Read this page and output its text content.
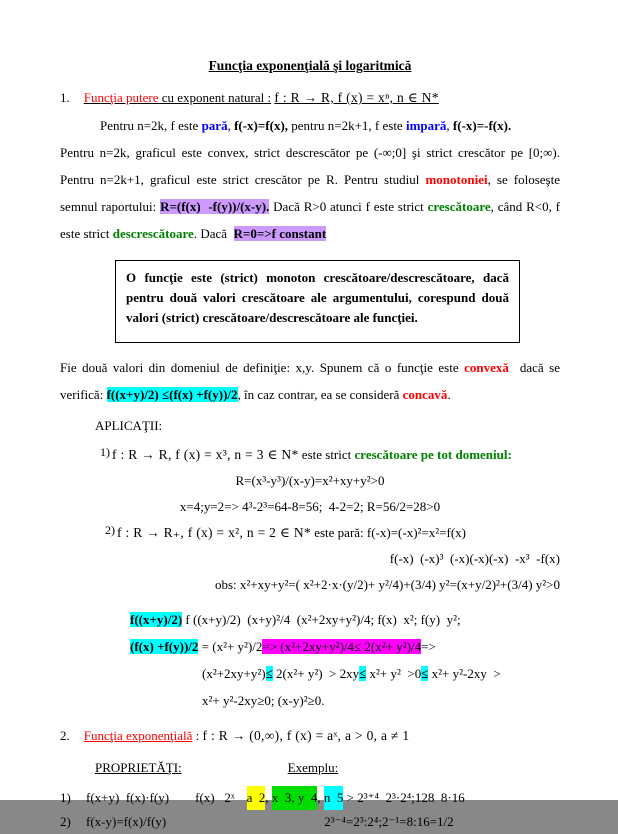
Funcţia exponenţială şi logaritmică
1. Funcţia putere cu exponent natural : f : R → R, f (x) = xⁿ, n ∈ N*
Pentru n=2k, f este pară, f(-x)=f(x), pentru n=2k+1, f este impară, f(-x)=-f(x).
Pentru n=2k, graficul este convex, strict descrescător pe (-∞;0] şi strict crescător pe [0;∞). Pentru n=2k+1, graficul este strict crescător pe R. Pentru studiul monotoniei, se foloseşte semnul raportului: R=(f(x)  -f(y))/(x-y). Dacă R>0 atunci f este strict crescătoare, când R<0, f este strict descrescătoare. Dacă  R=0=>f constant
O funcţie este (strict) monoton crescătoare/descrescătoare, dacă pentru două valori crescătoare ale argumentului, corespund două valori (strict) crescătoare/descrescătoare ale funcţiei.
Fie două valori din domeniul de definiţie: x,y. Spunem că o funcţie este convexă  dacă se verifică: f((x+y)/2) ≤(f(x) +f(y))/2, în caz contrar, ea se consideră concavă.
APLICAŢII:
1) f : R → R, f (x) = x³, n = 3 ∈ N* este strict crescătoare pe tot domeniul:
R=(x³-y³)/(x-y)=x²+xy+y²>0
x=4;y=2=> 4³-2³=64-8=56;  4-2=2; R=56/2=28>0
2) f : R → R₊, f (x) = x², n = 2 ∈ N* este pară: f(-x)=(-x)²=x²=f(x)
f(-x)  (-x)³  (-x)(-x)(-x)  -x³  -f(x)
obs: x²+xy+y²=( x²+2·x·(y/2)+ y²/4)+(3/4) y²=(x+y/2)²+(3/4) y²>0
f((x+y)/2) f ((x+y)/2)  (x+y)²/4  (x²+2xy+y²)/4; f(x)  x²; f(y)  y²;
(f(x) +f(y))/2 = (x²+ y²)/2=> (x²+2xy+y²)/4≤ 2(x²+ y²)/4=>
(x²+2xy+y²)≤ 2(x²+ y²)  > 2xy≤ x²+ y²  >0≤ x²+ y²-2xy  >
x²+ y²-2xy≥0; (x-y)²≥0.
2. Funcţia exponenţială : f : R → (0,∞), f (x) = aˣ, a > 0, a ≠ 1
PROPRIETĂŢI:	Exemplu:
1)	f(x+y)  f(x)·f(y) f(x)   2ˣ a  2 , x  3, y  4 , n  5 > 2³⁺⁴  2³·2⁴;128  8·16
2)	f(x-y)=f(x)/f(y)	2³⁻⁴=2³:2⁴;2⁻¹=8:16=1/2
